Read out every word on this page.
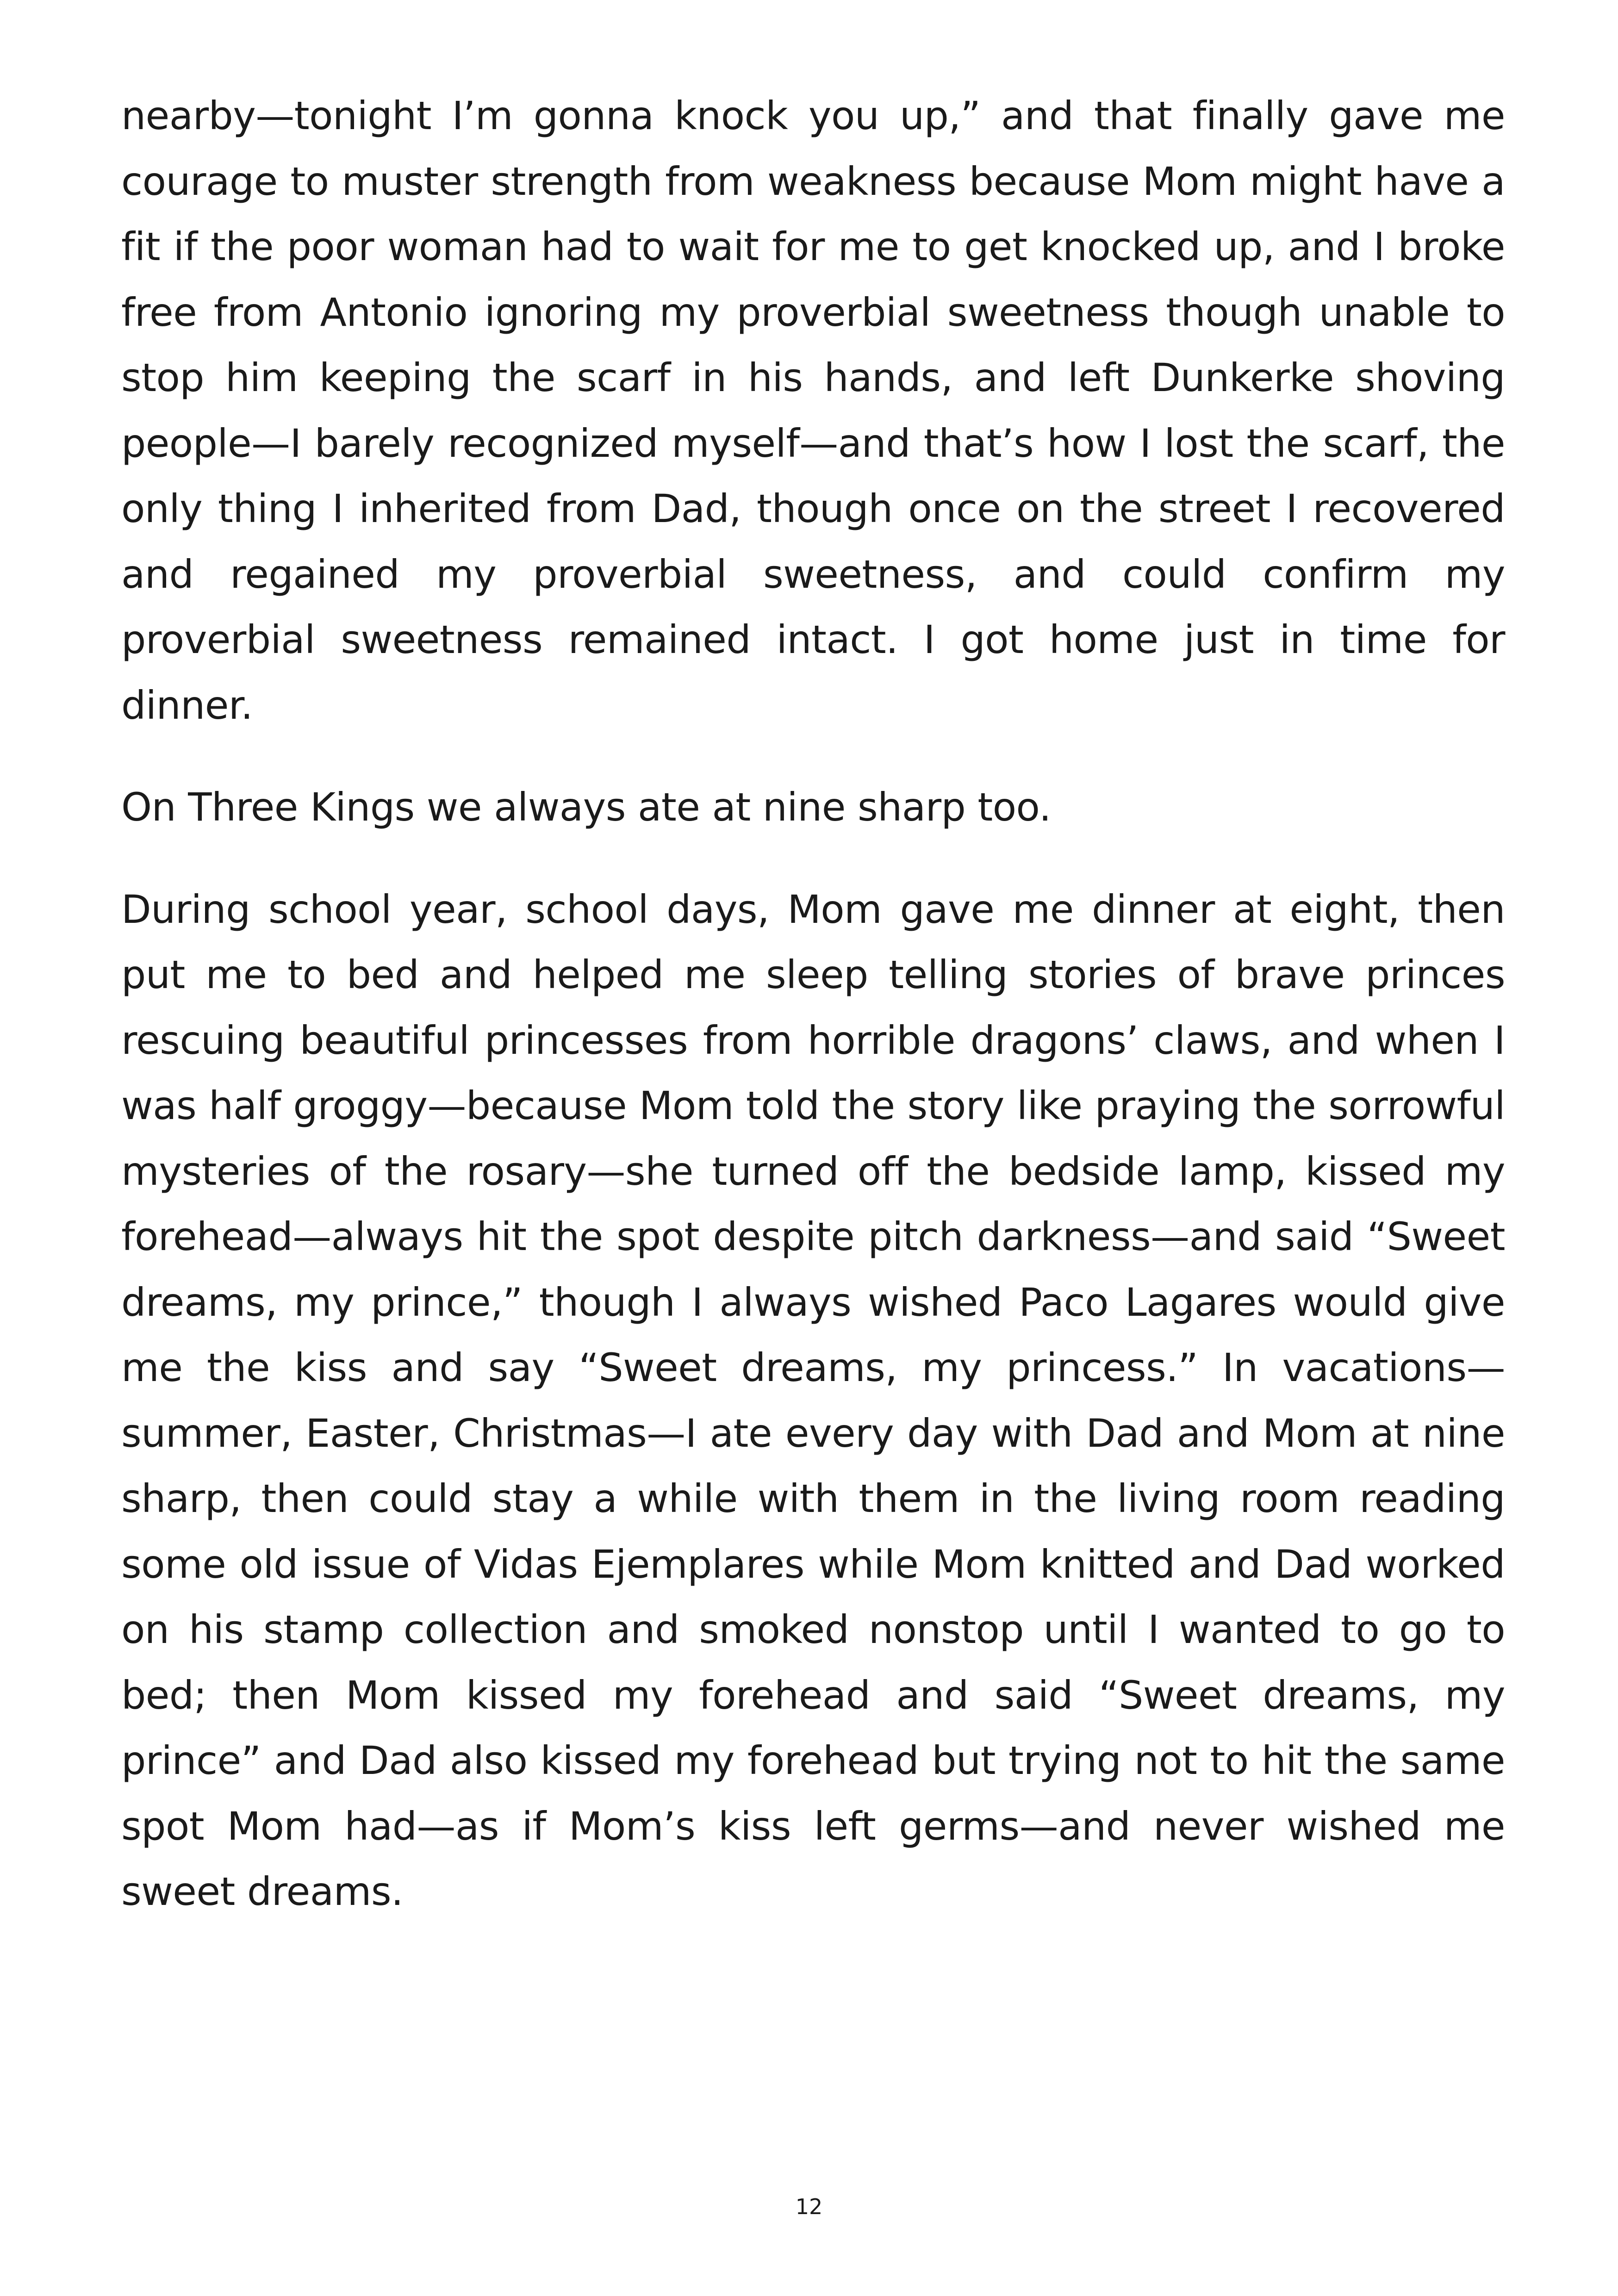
nearby—tonight I’m gonna knock you up,” and that finally gave me courage to muster strength from weakness because Mom might have a fit if the poor woman had to wait for me to get knocked up, and I broke free from Antonio ignoring my proverbial sweetness though unable to stop him keeping the scarf in his hands, and left Dunkerke shoving people—I barely recognized myself—and that’s how I lost the scarf, the only thing I inherited from Dad, though once on the street I recovered and regained my proverbial sweetness, and could confirm my proverbial sweetness remained intact. I got home just in time for dinner.

On Three Kings we always ate at nine sharp too.

During school year, school days, Mom gave me dinner at eight, then put me to bed and helped me sleep telling stories of brave princes rescuing beautiful princesses from horrible dragons’ claws, and when I was half groggy—because Mom told the story like praying the sorrowful mysteries of the rosary—she turned off the bedside lamp, kissed my forehead—always hit the spot despite pitch darkness—and said “Sweet dreams, my prince,” though I always wished Paco Lagares would give me the kiss and say “Sweet dreams, my princess.” In vacations—summer, Easter, Christmas—I ate every day with Dad and Mom at nine sharp, then could stay a while with them in the living room reading some old issue of Vidas Ejemplares while Mom knitted and Dad worked on his stamp collection and smoked nonstop until I wanted to go to bed; then Mom kissed my forehead and said “Sweet dreams, my prince” and Dad also kissed my forehead but trying not to hit the same spot Mom had—as if Mom’s kiss left germs—and never wished me sweet dreams.

12
